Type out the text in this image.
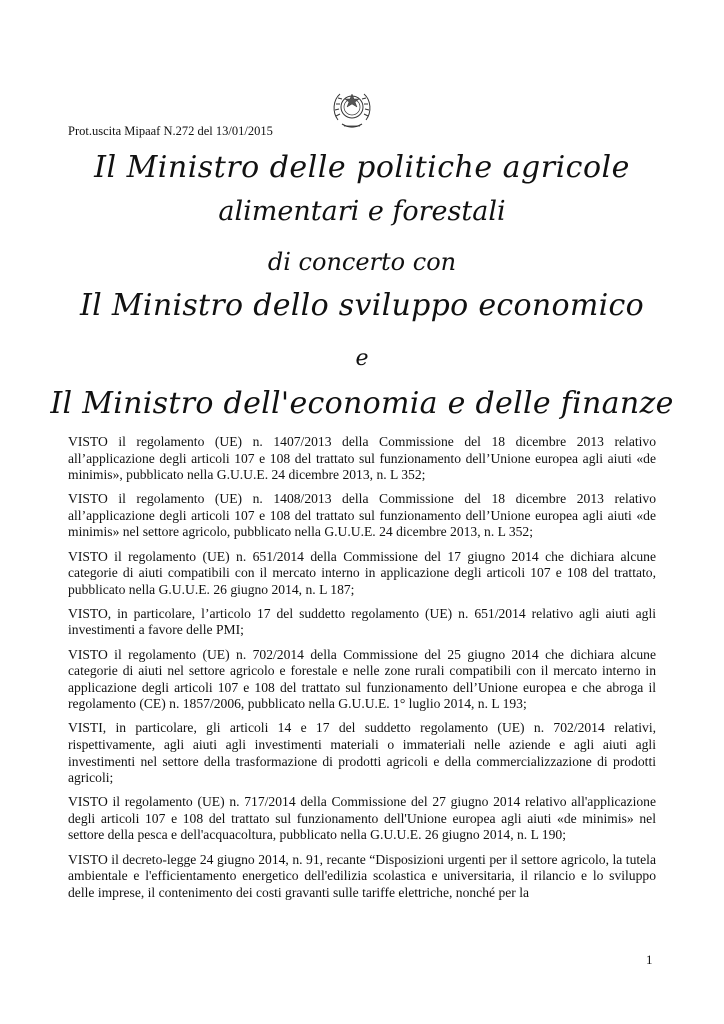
Prot.uscita Mipaaf N.272 del 13/01/2015
Il Ministro delle politiche agricole
alimentari e forestali
di concerto con
Il Ministro dello sviluppo economico
e
Il Ministro dell'economia e delle finanze

VISTO il regolamento (UE) n. 1407/2013 della Commissione del 18 dicembre 2013 relativo all’applicazione degli articoli 107 e 108 del trattato sul funzionamento dell’Unione europea agli aiuti «de minimis», pubblicato nella G.U.U.E. 24 dicembre 2013, n. L 352;

VISTO il regolamento (UE) n. 1408/2013 della Commissione del 18 dicembre 2013 relativo all’applicazione degli articoli 107 e 108 del trattato sul funzionamento dell’Unione europea agli aiuti «de minimis» nel settore agricolo, pubblicato nella G.U.U.E. 24 dicembre 2013, n. L 352;

VISTO il regolamento (UE) n. 651/2014 della Commissione del 17 giugno 2014 che dichiara alcune categorie di aiuti compatibili con il mercato interno in applicazione degli articoli 107 e 108 del trattato, pubblicato nella G.U.U.E. 26 giugno 2014, n. L 187;

VISTO, in particolare, l’articolo 17 del suddetto regolamento (UE) n. 651/2014 relativo agli aiuti agli investimenti a favore delle PMI;

VISTO il regolamento (UE) n. 702/2014 della Commissione del 25 giugno 2014 che dichiara alcune categorie di aiuti nel settore agricolo e forestale e nelle zone rurali compatibili con il mercato interno in applicazione degli articoli 107 e 108 del trattato sul funzionamento dell’Unione europea e che abroga il regolamento (CE) n. 1857/2006, pubblicato nella G.U.U.E. 1° luglio 2014, n. L 193;

VISTI, in particolare, gli articoli 14 e 17 del suddetto regolamento (UE) n. 702/2014 relativi, rispettivamente, agli aiuti agli investimenti materiali o immateriali nelle aziende e agli aiuti agli investimenti nel settore della trasformazione di prodotti agricoli e della commercializzazione di prodotti agricoli;

VISTO il regolamento (UE) n. 717/2014 della Commissione del 27 giugno 2014 relativo all'applicazione degli articoli 107 e 108 del trattato sul funzionamento dell'Unione europea agli aiuti «de minimis» nel settore della pesca e dell'acquacoltura, pubblicato nella G.U.U.E. 26 giugno 2014, n. L 190;

VISTO il decreto-legge 24 giugno 2014, n. 91, recante “Disposizioni urgenti per il settore agricolo, la tutela ambientale e l'efficientamento energetico dell'edilizia scolastica e universitaria, il rilancio e lo sviluppo delle imprese, il contenimento dei costi gravanti sulle tariffe elettriche, nonché per la

1
